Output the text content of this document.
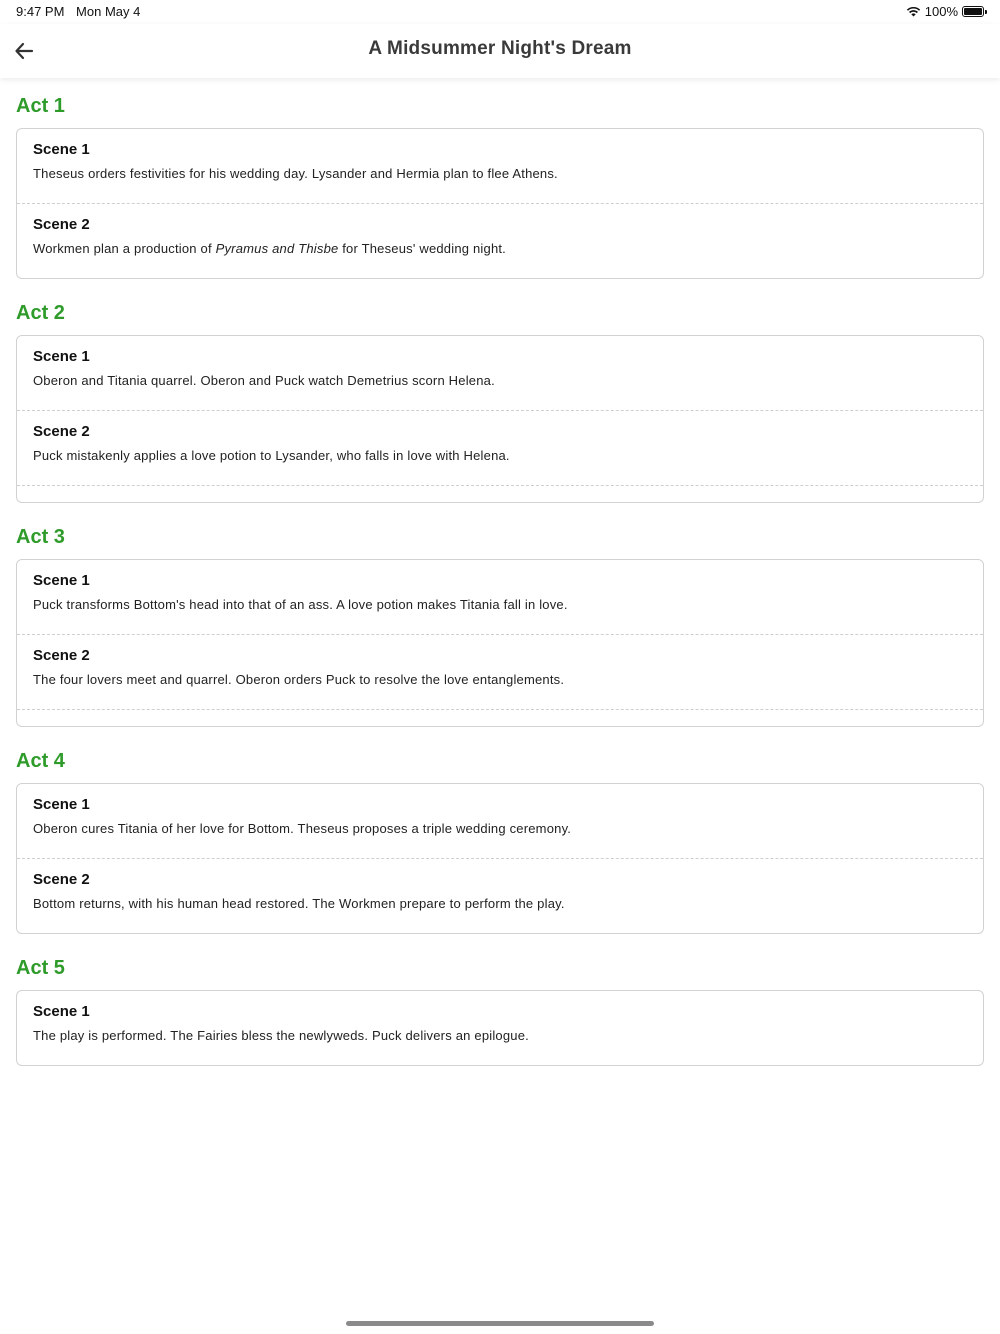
9:47 PM Mon May 4	100%
A Midsummer Night's Dream
Act 1

Scene 1

Theseus orders festivities for his wedding day. Lysander and Hermia plan to flee Athens.

Scene 2

Workmen plan a production of Pyramus and Thisbe for Theseus' wedding night.

Act 2

Scene 1

Oberon and Titania quarrel. Oberon and Puck watch Demetrius scorn Helena.

Scene 2

Puck mistakenly applies a love potion to Lysander, who falls in love with Helena.

Act 3

Scene 1

Puck transforms Bottom's head into that of an ass. A love potion makes Titania fall in love.

Scene 2

The four lovers meet and quarrel. Oberon orders Puck to resolve the love entanglements.

Act 4

Scene 1

Oberon cures Titania of her love for Bottom. Theseus proposes a triple wedding ceremony.

Scene 2

Bottom returns, with his human head restored. The Workmen prepare to perform the play.

Act 5

Scene 1

The play is performed. The Fairies bless the newlyweds. Puck delivers an epilogue.
